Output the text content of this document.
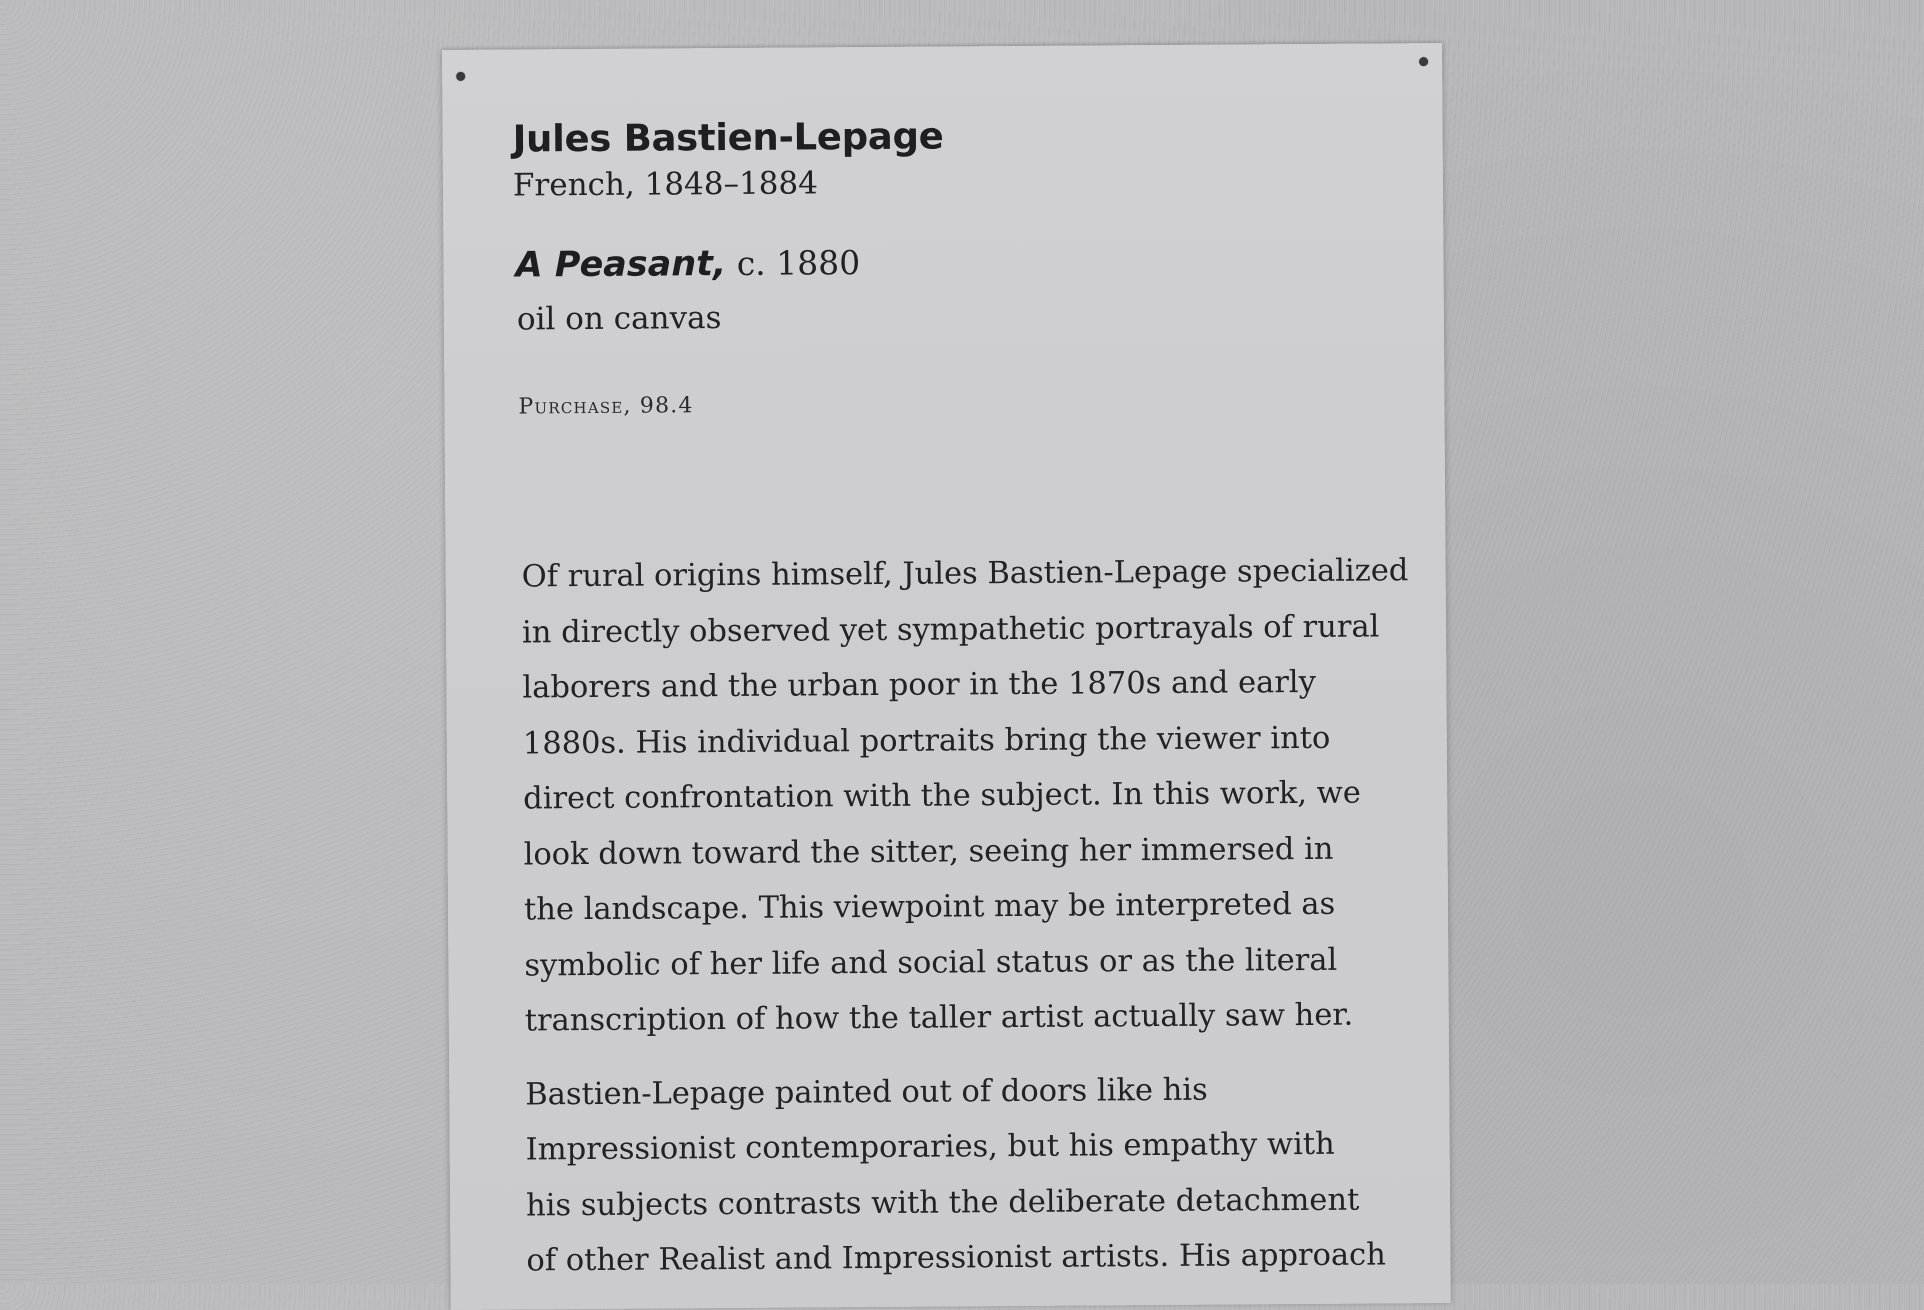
Jules Bastien-Lepage
French, 1848–1884
A Peasant, c. 1880
oil on canvas
Purchase, 98.4
Of rural origins himself, Jules Bastien-Lepage specialized
in directly observed yet sympathetic portrayals of rural
laborers and the urban poor in the 1870s and early
1880s. His individual portraits bring the viewer into
direct confrontation with the subject. In this work, we
look down toward the sitter, seeing her immersed in
the landscape. This viewpoint may be interpreted as
symbolic of her life and social status or as the literal
transcription of how the taller artist actually saw her.
Bastien-Lepage painted out of doors like his
Impressionist contemporaries, but his empathy with
his subjects contrasts with the deliberate detachment
of other Realist and Impressionist artists. His approach
